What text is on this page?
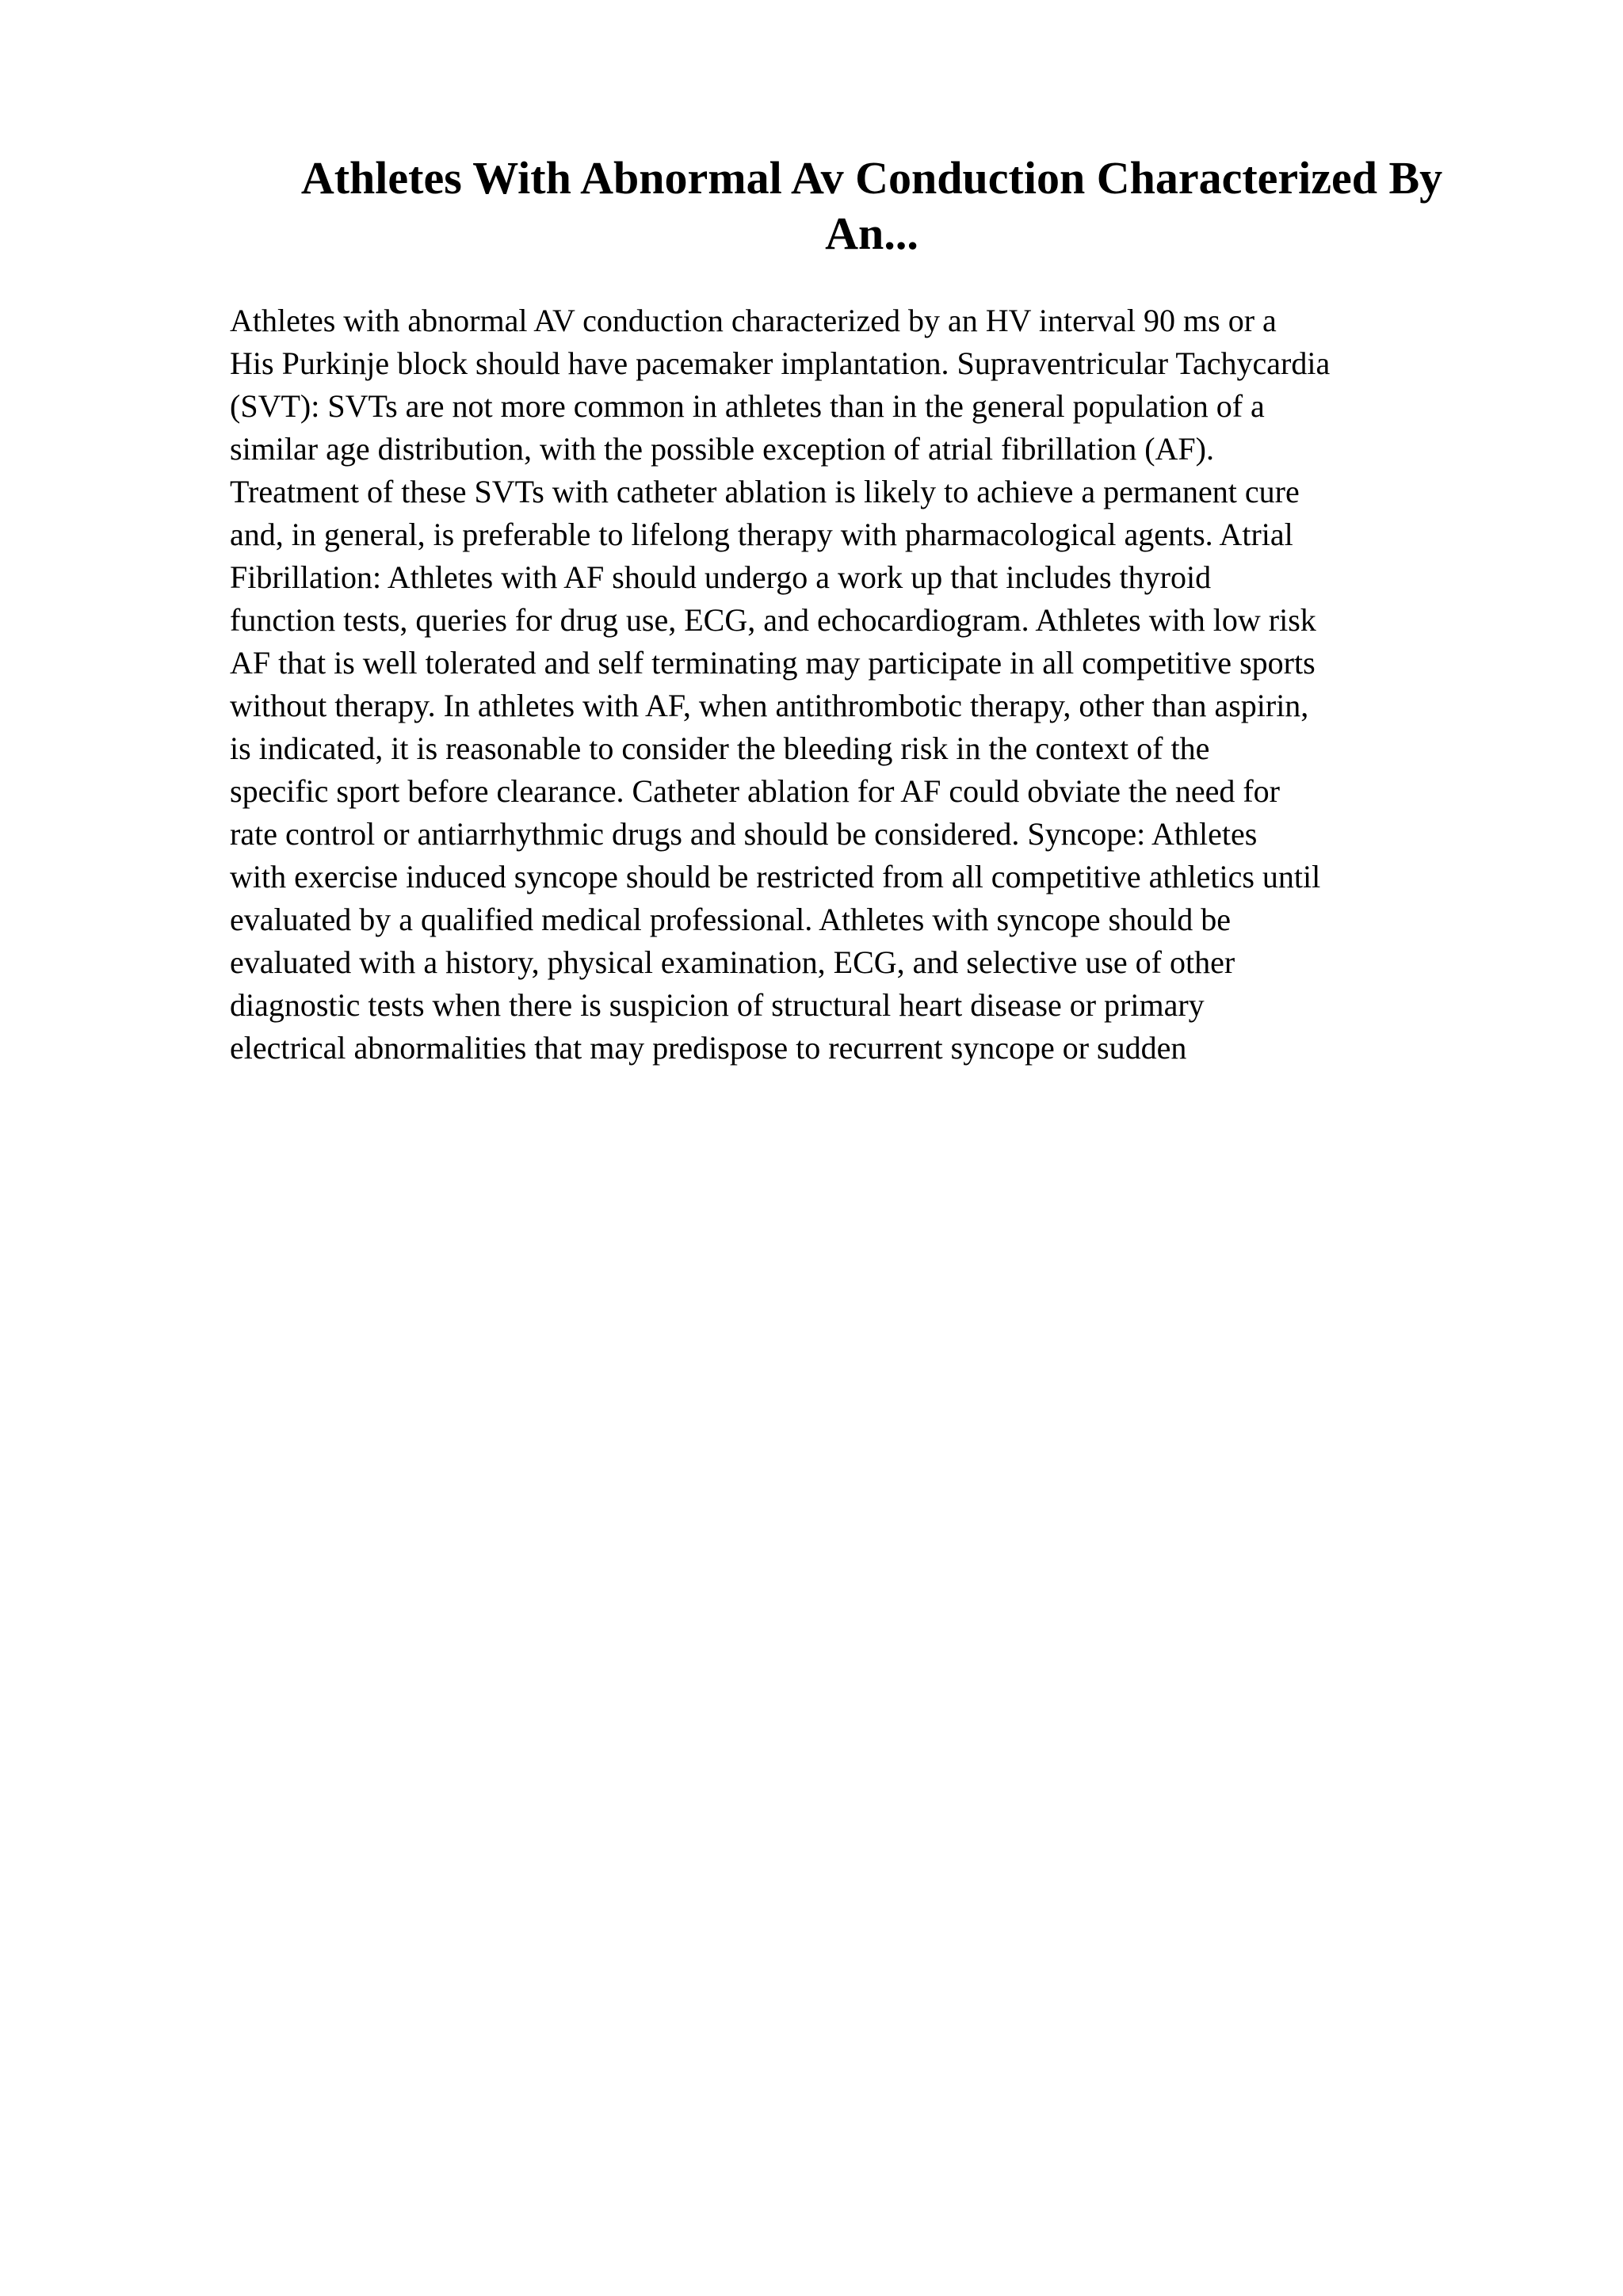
Athletes With Abnormal Av Conduction Characterized By
An...
Athletes with abnormal AV conduction characterized by an HV interval 90 ms or a
His Purkinje block should have pacemaker implantation. Supraventricular Tachycardia
(SVT): SVTs are not more common in athletes than in the general population of a
similar age distribution, with the possible exception of atrial fibrillation (AF).
Treatment of these SVTs with catheter ablation is likely to achieve a permanent cure
and, in general, is preferable to lifelong therapy with pharmacological agents. Atrial
Fibrillation: Athletes with AF should undergo a work up that includes thyroid
function tests, queries for drug use, ECG, and echocardiogram. Athletes with low risk
AF that is well tolerated and self terminating may participate in all competitive sports
without therapy. In athletes with AF, when antithrombotic therapy, other than aspirin,
is indicated, it is reasonable to consider the bleeding risk in the context of the
specific sport before clearance. Catheter ablation for AF could obviate the need for
rate control or antiarrhythmic drugs and should be considered. Syncope: Athletes
with exercise induced syncope should be restricted from all competitive athletics until
evaluated by a qualified medical professional. Athletes with syncope should be
evaluated with a history, physical examination, ECG, and selective use of other
diagnostic tests when there is suspicion of structural heart disease or primary
electrical abnormalities that may predispose to recurrent syncope or sudden
